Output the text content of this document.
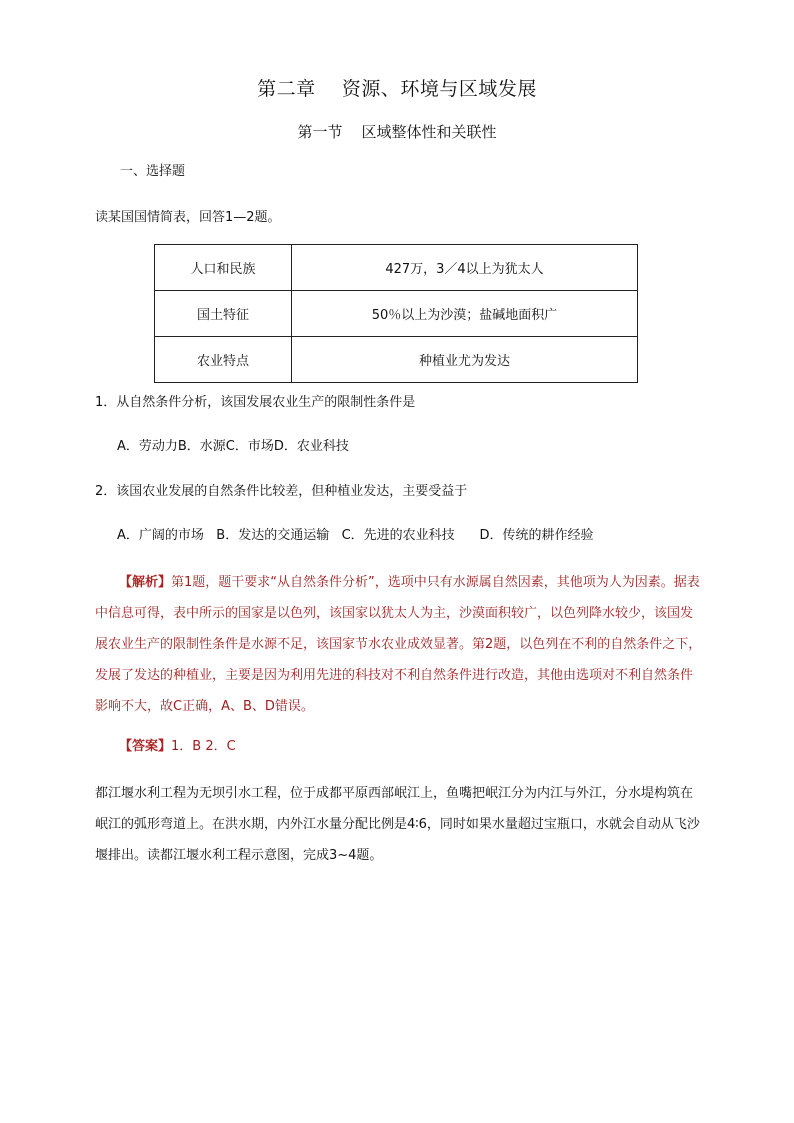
第二章    资源、环境与区域发展
第一节    区域整体性和关联性
一、选择题
读某国国情简表，回答1—2题。
人口和民族	427万，3／4以上为犹太人
国土特征	50％以上为沙漠；盐碱地面积广
农业特点	种植业尤为发达
1．从自然条件分析，该国发展农业生产的限制性条件是
A．劳动力B．水源C．市场D．农业科技
2．该国农业发展的自然条件比较差，但种植业发达，主要受益于
A．广阔的市场   B．发达的交通运输   C．先进的农业科技      D．传统的耕作经验
【解析】第1题，题干要求“从自然条件分析”，选项中只有水源属自然因素，其他项为人为因素。据表中信息可得，表中所示的国家是以色列，该国家以犹太人为主，沙漠面积较广，以色列降水较少，该国发展农业生产的限制性条件是水源不足，该国家节水农业成效显著。第2题，以色列在不利的自然条件之下，发展了发达的种植业，主要是因为利用先进的科技对不利自然条件进行改造，其他由选项对不利自然条件影响不大，故C正确，A、B、D错误。
【答案】1．B 2．C
都江堰水利工程为无坝引水工程，位于成都平原西部岷江上，鱼嘴把岷江分为内江与外江，分水堤构筑在岷江的弧形弯道上。在洪水期，内外江水量分配比例是4∶6，同时如果水量超过宝瓶口，水就会自动从飞沙堰排出。读都江堰水利工程示意图，完成3~4题。
